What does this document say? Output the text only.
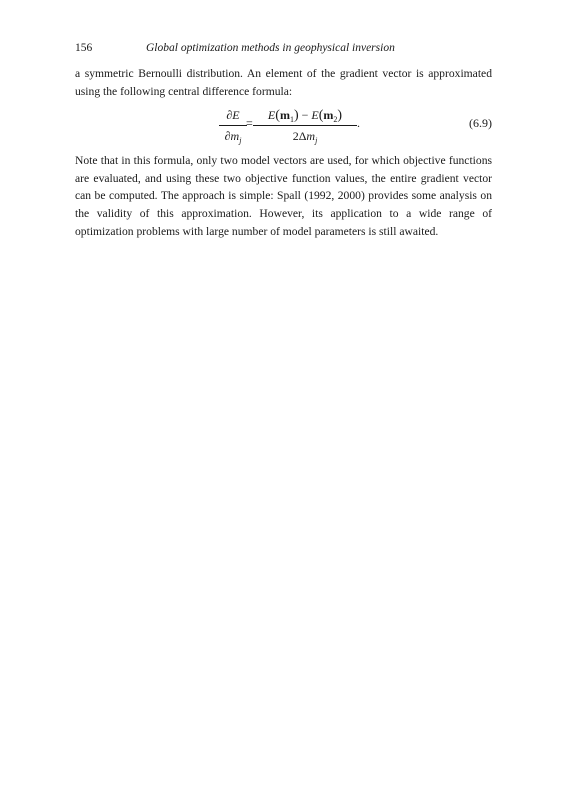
156	Global optimization methods in geophysical inversion

a symmetric Bernoulli distribution. An element of the gradient vector is approximated using the following central difference formula:

∂E
$\partial m_j$
=
$E(m_1) - E(m_2)$
$2\Delta m_j$
.	(6.9)

Note that in this formula, only two model vectors are used, for which objective functions are evaluated, and using these two objective function values, the entire gradient vector can be computed. The approach is simple: Spall (1992, 2000) provides some analysis on the validity of this approximation. However, its application to a wide range of optimization problems with large number of model parameters is still awaited.
